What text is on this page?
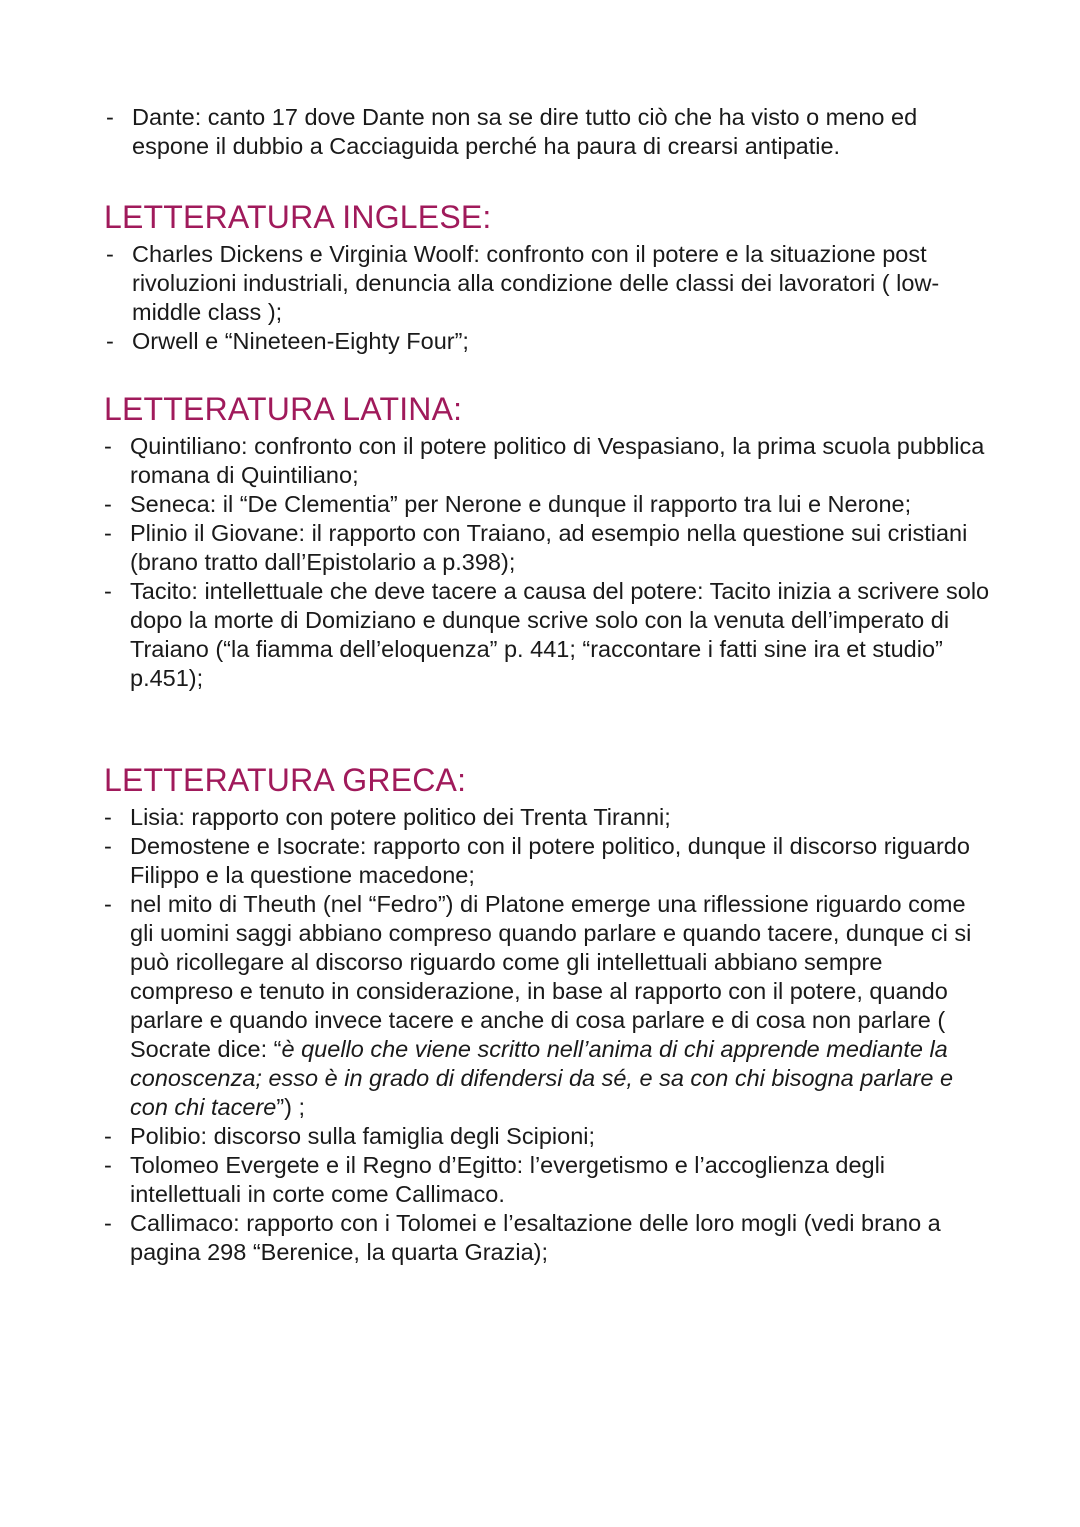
- Dante: canto 17 dove Dante non sa se dire tutto ciò che ha visto o meno ed espone il dubbio a Cacciaguida perché ha paura di crearsi antipatie.
LETTERATURA INGLESE:
- Charles Dickens e Virginia Woolf: confronto con il potere e la situazione post rivoluzioni industriali, denuncia alla condizione delle classi dei lavoratori ( low- middle class );
- Orwell e “Nineteen-Eighty Four”;
LETTERATURA LATINA:
- Quintiliano: confronto con il potere politico di Vespasiano, la prima scuola pubblica romana di Quintiliano;
- Seneca: il “De Clementia” per Nerone e dunque il rapporto tra lui e Nerone;
- Plinio il Giovane: il rapporto con Traiano, ad esempio nella questione sui cristiani (brano tratto dall’Epistolario a p.398);
- Tacito: intellettuale che deve tacere a causa del potere: Tacito inizia a scrivere solo dopo la morte di Domiziano e dunque scrive solo con la venuta dell’imperato di Traiano (“la fiamma dell’eloquenza” p. 441; “raccontare i fatti sine ira et studio” p.451);
LETTERATURA GRECA:
- Lisia: rapporto con potere politico dei Trenta Tiranni;
- Demostene e Isocrate: rapporto con il potere politico, dunque il discorso riguardo Filippo e la questione macedone;
- nel mito di Theuth (nel “Fedro”) di Platone emerge una riflessione riguardo come gli uomini saggi abbiano compreso quando parlare e quando tacere, dunque ci si può ricollegare al discorso riguardo come gli intellettuali abbiano sempre compreso e tenuto in considerazione, in base al rapporto con il potere, quando parlare e quando invece tacere e anche di cosa parlare e di cosa non parlare ( Socrate dice: “è quello che viene scritto nell’anima di chi apprende mediante la conoscenza; esso è in grado di difendersi da sé, e sa con chi bisogna parlare e con chi tacere”) ;
- Polibio: discorso sulla famiglia degli Scipioni;
- Tolomeo Evergete e il Regno d’Egitto: l’evergetismo e l’accoglienza degli intellettuali in corte come Callimaco.
- Callimaco: rapporto con i Tolomei e l’esaltazione delle loro mogli (vedi brano a pagina 298 “Berenice, la quarta Grazia);
